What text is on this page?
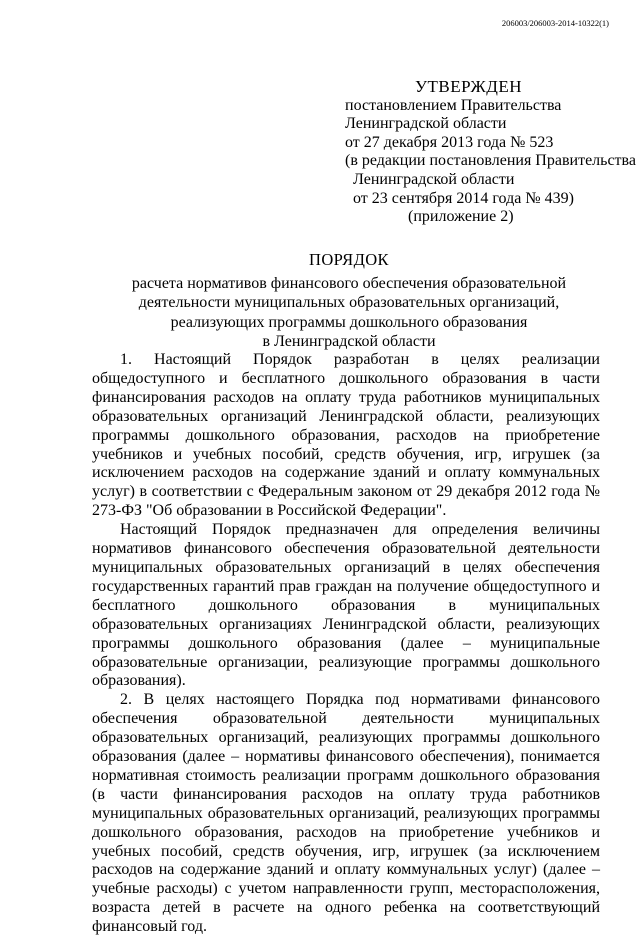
206003/206003-2014-10322(1)
УТВЕРЖДЕН
постановлением Правительства
Ленинградской области
от 27 декабря 2013 года № 523
(в редакции постановления Правительства
Ленинградской области
от 23 сентября 2014 года № 439)
(приложение 2)
ПОРЯДОК
расчета нормативов финансового обеспечения образовательной
деятельности муниципальных образовательных организаций,
реализующих программы дошкольного образования
в Ленинградской области

1. Настоящий Порядок разработан в целях реализации общедоступного и бесплатного дошкольного образования в части финансирования расходов на оплату труда работников муниципальных образовательных организаций Ленинградской области, реализующих программы дошкольного образования, расходов на приобретение учебников и учебных пособий, средств обучения, игр, игрушек (за исключением расходов на содержание зданий и оплату коммунальных услуг) в соответствии с Федеральным законом от 29 декабря 2012 года № 273-ФЗ "Об образовании в Российской Федерации".

Настоящий Порядок предназначен для определения величины нормативов финансового обеспечения образовательной деятельности муниципальных образовательных организаций в целях обеспечения государственных гарантий прав граждан на получение общедоступного и бесплатного дошкольного образования в муниципальных образовательных организациях Ленинградской области, реализующих программы дошкольного образования (далее – муниципальные образовательные организации, реализующие программы дошкольного образования).

2. В целях настоящего Порядка под нормативами финансового обеспечения образовательной деятельности муниципальных образовательных организаций, реализующих программы дошкольного образования (далее – нормативы финансового обеспечения), понимается нормативная стоимость реализации программ дошкольного образования (в части финансирования расходов на оплату труда работников муниципальных образовательных организаций, реализующих программы дошкольного образования, расходов на приобретение учебников и учебных пособий, средств обучения, игр, игрушек (за исключением расходов на содержание зданий и оплату коммунальных услуг) (далее – учебные расходы) с учетом направленности групп, месторасположения, возраста детей в расчете на одного ребенка на соответствующий финансовый год.
